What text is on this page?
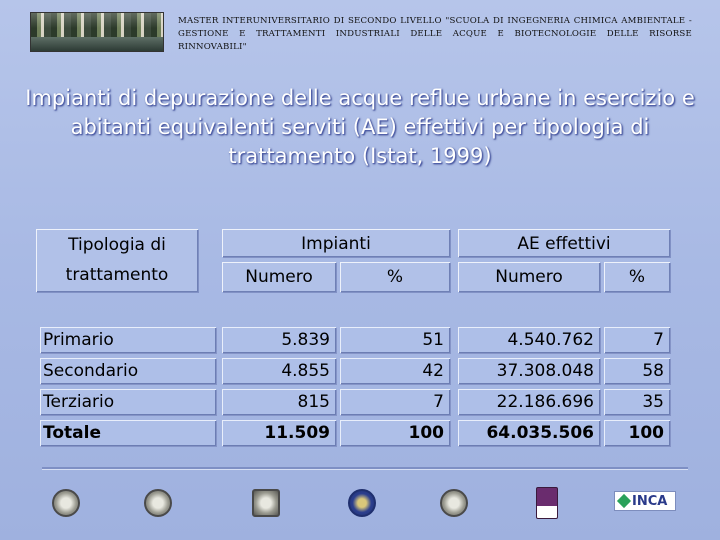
MASTER INTERUNIVERSITARIO DI SECONDO LIVELLO "SCUOLA DI INGEGNERIA CHIMICA AMBIENTALE - GESTIONE E TRATTAMENTI INDUSTRIALI DELLE ACQUE E BIOTECNOLOGIE DELLE RISORSE RINNOVABILI"
Impianti di depurazione delle acque reflue urbane in esercizio e abitanti equivalenti serviti (AE) effettivi per tipologia di trattamento (Istat, 1999)
Tipologia di
trattamento
Impianti	AE effettivi
Numero	%	Numero	%
Primario	5.839	51	4.540.762	7
Secondario	4.855	42	37.308.048	58
Terziario	815	7	22.186.696	35
Totale	11.509	100	64.035.506	100
INCA
